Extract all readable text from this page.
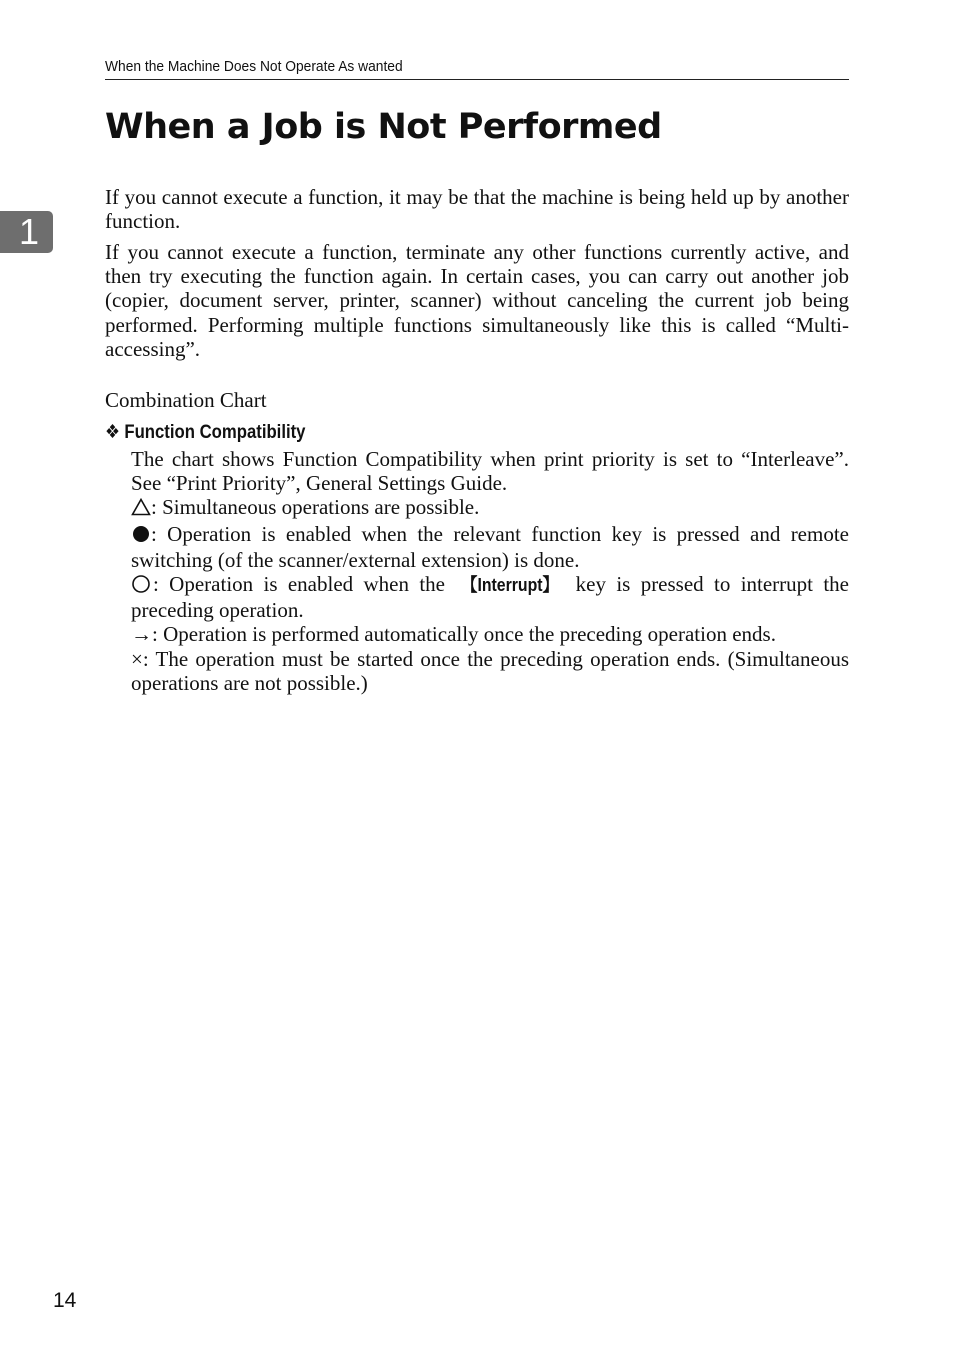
When the Machine Does Not Operate As wanted
When a Job is Not Performed
1

If you cannot execute a function, it may be that the machine is being held up by another function.

If you cannot execute a function, terminate any other functions currently active, and then try executing the function again. In certain cases, you can carry out another job (copier, document server, printer, scanner) without canceling the current job being performed. Performing multiple functions simultaneously like this is called “Multi-accessing”.

Combination Chart

❖ Function Compatibility

The chart shows Function Compatibility when print priority is set to “Interleave”. See “Print Priority”, General Settings Guide.

: Simultaneous operations are possible.

: Operation is enabled when the relevant function key is pressed and remote switching (of the scanner/external extension) is done.

: Operation is enabled when the 【Interrupt】 key is pressed to interrupt the preceding operation.

→: Operation is performed automatically once the preceding operation ends.

×: The operation must be started once the preceding operation ends. (Simultaneous operations are not possible.)

14
